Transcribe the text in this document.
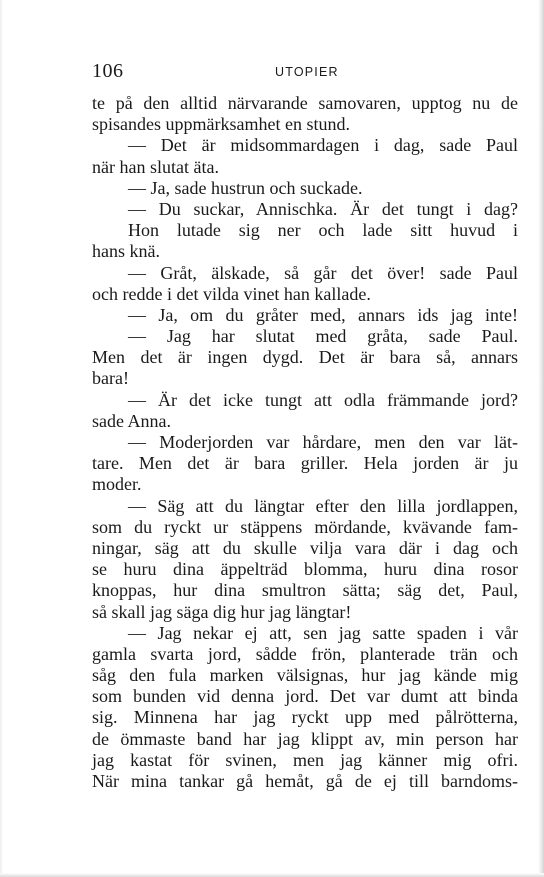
106	UTOPIER
te på den alltid närvarande samovaren, upptog nu de
spisandes uppmärksamhet en stund.
— Det är midsommardagen i dag, sade Paul
när han slutat äta.
— Ja, sade hustrun och suckade.
— Du suckar, Annischka. Är det tungt i dag?
Hon lutade sig ner och lade sitt huvud i
hans knä.
— Gråt, älskade, så går det över! sade Paul
och redde i det vilda vinet han kallade.
— Ja, om du gråter med, annars ids jag inte!
— Jag har slutat med gråta, sade Paul.
Men det är ingen dygd. Det är bara så, annars
bara!
— Är det icke tungt att odla främmande jord?
sade Anna.
— Moderjorden var hårdare, men den var lät-
tare. Men det är bara griller. Hela jorden är ju
moder.
— Säg att du längtar efter den lilla jordlappen,
som du ryckt ur stäppens mördande, kvävande fam-
ningar, säg att du skulle vilja vara där i dag och
se huru dina äppelträd blomma, huru dina rosor
knoppas, hur dina smultron sätta; säg det, Paul,
så skall jag säga dig hur jag längtar!
— Jag nekar ej att, sen jag satte spaden i vår
gamla svarta jord, sådde frön, planterade trän och
såg den fula marken välsignas, hur jag kände mig
som bunden vid denna jord. Det var dumt att binda
sig. Minnena har jag ryckt upp med pålrötterna,
de ömmaste band har jag klippt av, min person har
jag kastat för svinen, men jag känner mig ofri.
När mina tankar gå hemåt, gå de ej till barndoms-
